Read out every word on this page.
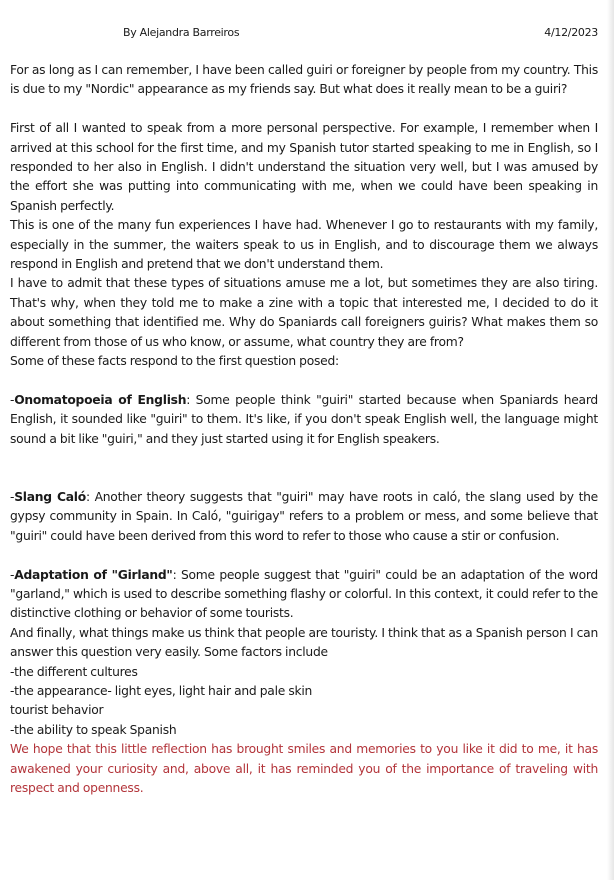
By Alejandra Barreiros	4/12/2023

For as long as I can remember, I have been called guiri or foreigner by people from my country. This is due to my "Nordic" appearance as my friends say. But what does it really mean to be a guiri?

First of all I wanted to speak from a more personal perspective. For example, I remember when I arrived at this school for the first time, and my Spanish tutor started speaking to me in English, so I responded to her also in English. I didn't understand the situation very well, but I was amused by the effort she was putting into communicating with me, when we could have been speaking in Spanish perfectly.

This is one of the many fun experiences I have had. Whenever I go to restaurants with my family, especially in the summer, the waiters speak to us in English, and to discourage them we always respond in English and pretend that we don't understand them.

I have to admit that these types of situations amuse me a lot, but sometimes they are also tiring. That's why, when they told me to make a zine with a topic that interested me, I decided to do it about something that identified me. Why do Spaniards call foreigners guiris? What makes them so different from those of us who know, or assume, what country they are from?

Some of these facts respond to the first question posed:

-Onomatopoeia of English: Some people think "guiri" started because when Spaniards heard English, it sounded like "guiri" to them. It's like, if you don't speak English well, the language might sound a bit like "guiri," and they just started using it for English speakers.

-Slang Caló: Another theory suggests that "guiri" may have roots in caló, the slang used by the gypsy community in Spain. In Caló, "guirigay" refers to a problem or mess, and some believe that "guiri" could have been derived from this word to refer to those who cause a stir or confusion.

-Adaptation of "Girland": Some people suggest that "guiri" could be an adaptation of the word "garland," which is used to describe something flashy or colorful. In this context, it could refer to the distinctive clothing or behavior of some tourists.

And finally, what things make us think that people are touristy. I think that as a Spanish person I can answer this question very easily. Some factors include

-the different cultures

-the appearance- light eyes, light hair and pale skin

tourist behavior

-the ability to speak Spanish

We hope that this little reflection has brought smiles and memories to you like it did to me, it has awakened your curiosity and, above all, it has reminded you of the importance of traveling with respect and openness.
